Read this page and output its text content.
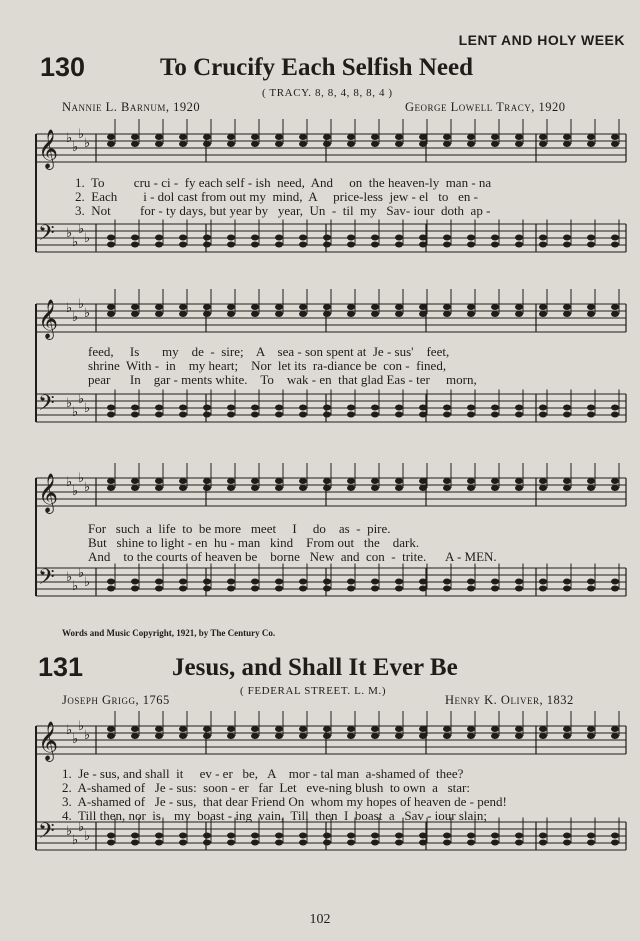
LENT AND HOLY WEEK
130	To Crucify Each Selfish Need
( TRACY. 8, 8, 4, 8, 8, 4 )
Nannie L. Barnum, 1920	George Lowell Tracy, 1920
𝄞 ♭
♭
♭
♭
𝄢 ♭
♭
♭
♭
1.  To         cru - ci -  fy each self - ish  need,  And     on  the heaven-ly  man - na
2.  Each        i - dol cast from out my  mind,  A     price-less  jew - el   to   en -
3.  Not         for - ty days, but year by   year,  Un  -  til  my   Sav- iour  doth  ap -
𝄞 ♭
♭
♭
♭
𝄢 ♭
♭
♭
♭
feed,     Is       my    de  -  sire;    A    sea - son spent at  Je - sus'    feet,
shrine  With -  in    my heart;    Nor  let its  ra-diance be  con -  fined,
pear      In    gar - ments white.    To    wak - en  that glad Eas - ter     morn,
𝄞 ♭
♭
♭
♭
𝄢 ♭
♭
♭
♭
For   such  a  life  to  be more   meet     I     do    as  -  pire.
But   shine to light - en  hu - man   kind    From out   the    dark.
And    to the courts of heaven be    borne   New  and  con  -  trite.      A - MEN.
Words and Music Copyright, 1921, by The Century Co.
131	Jesus, and Shall It Ever Be
( FEDERAL STREET. L. M.)
Joseph Grigg, 1765	Henry K. Oliver, 1832
𝄞 ♭
♭
♭
♭
𝄢 ♭
♭
♭
♭
1.  Je - sus, and shall  it     ev - er   be,   A    mor - tal man  a-shamed of  thee?
2.  A-shamed of   Je - sus:  soon - er   far  Let   eve-ning blush  to own  a   star:
3.  A-shamed of   Je - sus,  that dear Friend On  whom my hopes of heaven de - pend!
4.  Till then, nor  is    my  boast - ing  vain,  Till  then  I  boast  a   Sav - iour slain;
102
